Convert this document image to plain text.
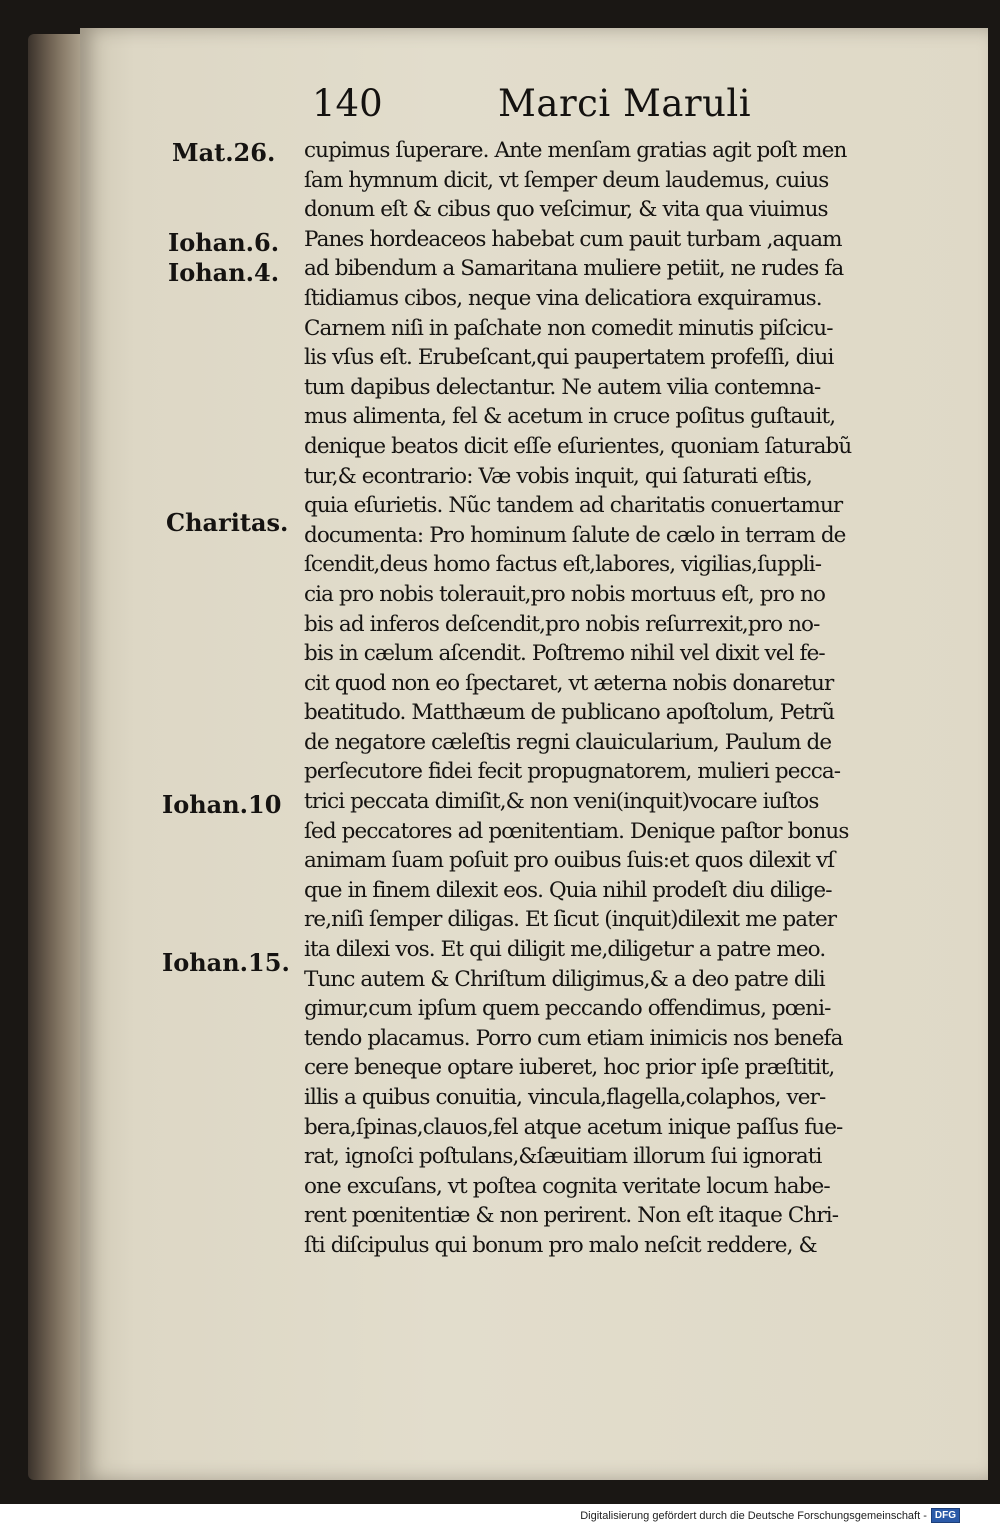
140	Marci Maruli
Mat.26.
Iohan.6.
Iohan.4.
Charitas.
Iohan.10
Iohan.15.
cupimus ſuperare. Ante menſam gratias agit poſt men
ſam hymnum dicit, vt ſemper deum laudemus, cuius
donum eſt & cibus quo veſcimur, & vita qua viuimus
Panes hordeaceos habebat cum pauit turbam ,aquam
ad bibendum a Samaritana muliere petiit, ne rudes fa
ſtidiamus cibos, neque vina delicatiora exquiramus.
Carnem niſi in paſchate non comedit minutis piſcicu-
lis vſus eſt. Erubeſcant,qui paupertatem profeſſi, diui
tum dapibus delectantur. Ne autem vilia contemna-
mus alimenta, fel & acetum in cruce poſitus guſtauit,
denique beatos dicit eſſe eſurientes, quoniam ſaturabũ
tur,& econtrario: Væ vobis inquit, qui ſaturati eſtis,
quia eſurietis. Nũc tandem ad charitatis conuertamur
documenta: Pro hominum ſalute de cælo in terram de
ſcendit,deus homo factus eſt,labores, vigilias,ſuppli-
cia pro nobis tolerauit,pro nobis mortuus eſt, pro no
bis ad inferos deſcendit,pro nobis reſurrexit,pro no-
bis in cælum aſcendit. Poſtremo nihil vel dixit vel fe-
cit quod non eo ſpectaret, vt æterna nobis donaretur
beatitudo. Matthæum de publicano apoſtolum, Petrũ
de negatore cæleſtis regni clauicularium, Paulum de
perſecutore fidei fecit propugnatorem, mulieri peccа-
trici peccata dimiſit,& non veni(inquit)vocare iuſtos
ſed peccatores ad pœnitentiam. Denique paſtor bonus
animam ſuam poſuit pro ouibus ſuis:et quos dilexit vſ
que in finem dilexit eos. Quia nihil prodeſt diu dilige-
re,niſi ſemper diligas. Et ſicut (inquit)dilexit me pater
ita dilexi vos. Et qui diligit me,diligetur a patre meo.
Tunc autem & Chriſtum diligimus,& a deo patre dili
gimur,cum ipſum quem peccando offendimus, pœni-
tendo placamus. Porro cum etiam inimicis nos benefa
cere beneque optare iuberet, hoc prior ipſe præſtitit,
illis a quibus conuitia, vincula,flagella,colaphos, ver-
bera,ſpinas,clauos,fel atque acetum inique paſſus fue-
rat, ignoſci poſtulans,&ſæuitiam illorum ſui ignorati
one excuſans, vt poſtea cognita veritate locum habe-
rent pœnitentiæ & non perirent. Non eſt itaque Chri-
ſti diſcipulus qui bonum pro malo neſcit reddere, &
Digitalisierung gefördert durch die Deutsche Forschungsgemeinschaft - DFG
